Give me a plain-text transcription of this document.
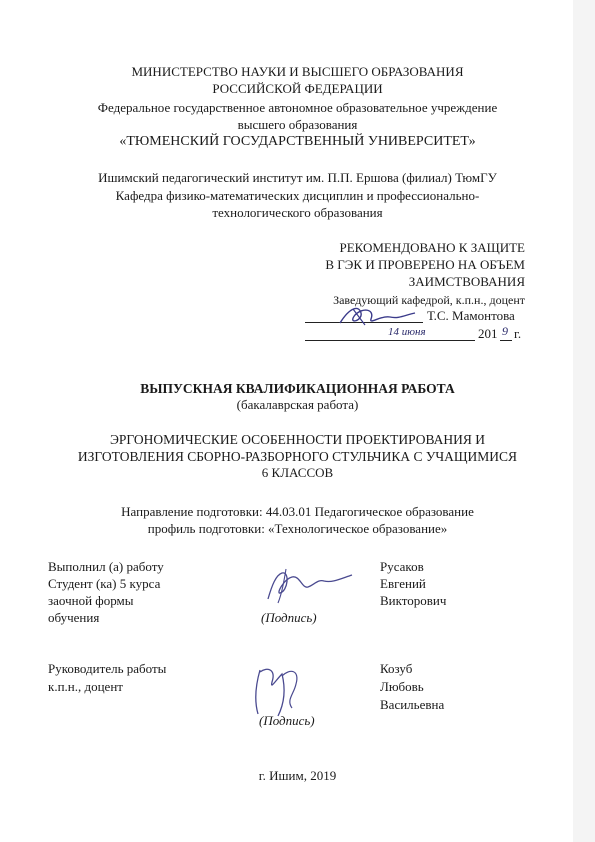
МИНИСТЕРСТВО НАУКИ И ВЫСШЕГО ОБРАЗОВАНИЯ
РОССИЙСКОЙ ФЕДЕРАЦИИ
Федеральное государственное автономное образовательное учреждение
высшего образования
«ТЮМЕНСКИЙ ГОСУДАРСТВЕННЫЙ УНИВЕРСИТЕТ»
Ишимский педагогический институт им. П.П. Ершова (филиал) ТюмГУ
Кафедра физико-математических дисциплин и профессионально-
технологического образования
РЕКОМЕНДОВАНО К ЗАЩИТЕ
В ГЭК И ПРОВЕРЕНО НА ОБЪЕМ
ЗАИМСТВОВАНИЯ
Заведующий кафедрой, к.п.н., доцент
Т.С. Мамонтова
14 июня	201 9 г.
ВЫПУСКНАЯ КВАЛИФИКАЦИОННАЯ РАБОТА
(бакалаврская работа)
ЭРГОНОМИЧЕСКИЕ ОСОБЕННОСТИ ПРОЕКТИРОВАНИЯ И
ИЗГОТОВЛЕНИЯ СБОРНО-РАЗБОРНОГО СТУЛЬЧИКА С УЧАЩИМИСЯ
6 КЛАССОВ
Направление подготовки: 44.03.01 Педагогическое образование
профиль подготовки: «Технологическое образование»
Выполнил (а) работу
Студент (ка) 5 курса
заочной формы
обучения	(Подпись)
Русаков
Евгений
Викторович
Руководитель работы
к.п.н., доцент
(Подпись)
Козуб
Любовь
Васильевна
г. Ишим, 2019
